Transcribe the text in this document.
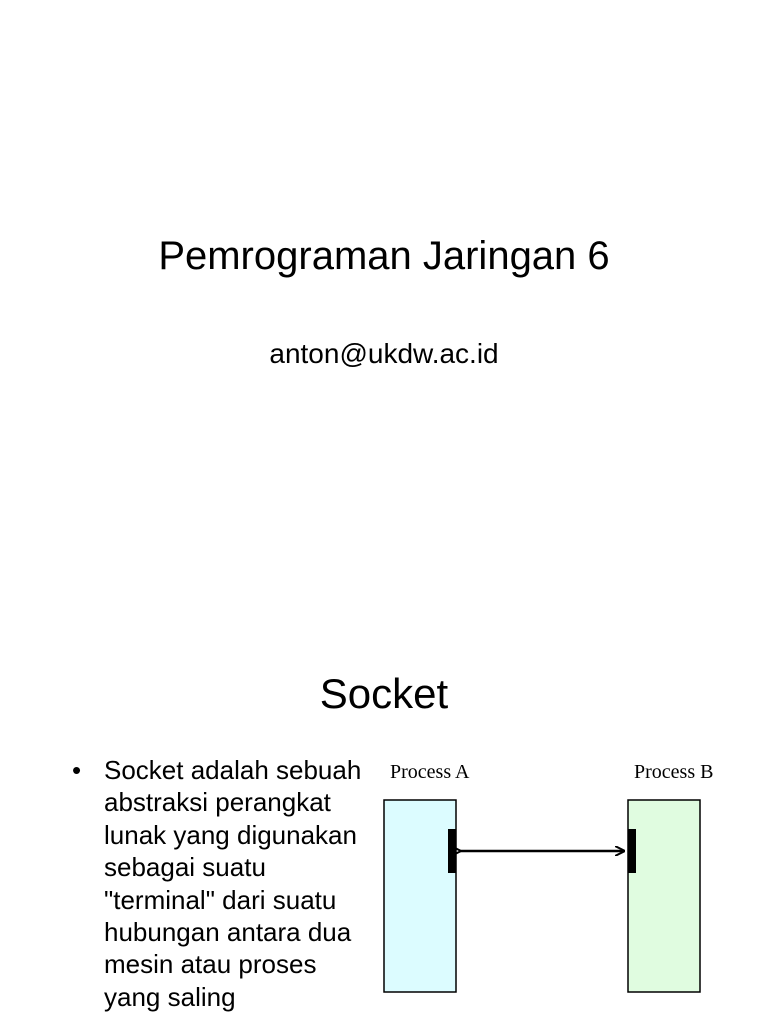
Pemrograman Jaringan 6
anton@ukdw.ac.id
Socket
• Socket adalah sebuah abstraksi perangkat lunak yang digunakan sebagai suatu "terminal" dari suatu hubungan antara dua mesin atau proses yang saling
Process A	Process B
